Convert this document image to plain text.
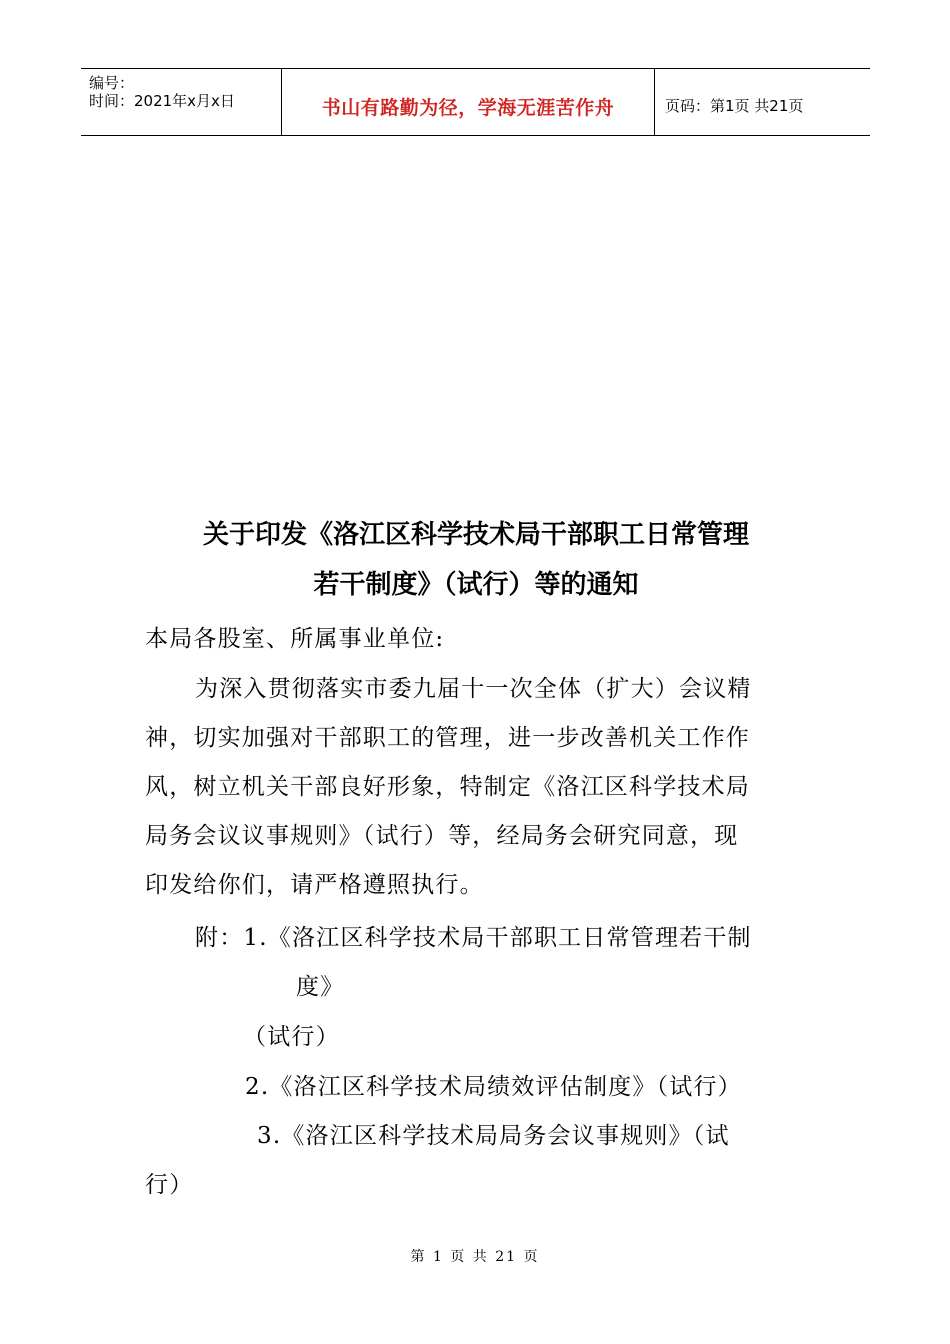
编号：
时间：2021年x月x日	书山有路勤为径，学海无涯苦作舟	页码：第1页 共21页
关于印发《洛江区科学技术局干部职工日常管理
若干制度》（试行）等的通知
本局各股室、所属事业单位:
为深入贯彻落实市委九届十一次全体（扩大）会议精
神，切实加强对干部职工的管理，进一步改善机关工作作
风，树立机关干部良好形象，特制定《洛江区科学技术局
局务会议议事规则》（试行）等，经局务会研究同意，现
印发给你们，请严格遵照执行。
附：1.《洛江区科学技术局干部职工日常管理若干制
度》
（试行）
2.《洛江区科学技术局绩效评估制度》（试行）
3.《洛江区科学技术局局务会议事规则》（试
行）
第 1 页 共 21 页
